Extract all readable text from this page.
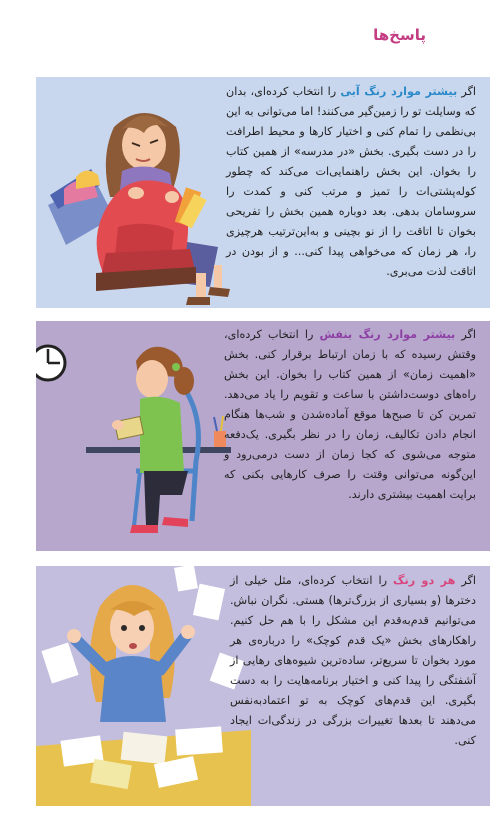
پاسخ‌ها
اگر بیشتر موارد رنگ آبی را انتخاب کرده‌ای، بدان که وسایلت تو را زمین‌گیر می‌کنند! اما می‌توانی به این بی‌نظمی را تمام کنی و اختیار کارها و محیط اطرافت را در دست بگیری. بخش «در مدرسه» از همین کتاب را بخوان. این بخش راهنمایی‌ات می‌کند که چطور کوله‌پشتی‌ات را تمیز و مرتب کنی و کمدت را سروسامان بدهی. بعد دوباره همین بخش را تفریحی بخوان تا اتاقت را از نو بچینی و به‌این‌ترتیب هرچیزی را، هر زمان که می‌خواهی پیدا کنی... و از بودن در اتاقت لذت می‌بری.
اگر بیشتر موارد رنگ بنفش را انتخاب کرده‌ای، وقتش رسیده که با زمان ارتباط برقرار کنی. بخش «اهمیت زمان» از همین کتاب را بخوان. این بخش راه‌های دوست‌داشتن با ساعت و تقویم را یاد می‌دهد. تمرین کن تا صبح‌ها موقع آماده‌شدن و شب‌ها هنگام انجام دادن تکالیف، زمان را در نظر بگیری. یک‌دفعه متوجه می‌شوی که کجا زمان از دست درمی‌رود و این‌گونه می‌توانی وقتت را صرف کارهایی بکنی که برایت اهمیت بیشتری دارند.
اگر هر دو رنگ را انتخاب کرده‌ای، مثل خیلی از دخترها (و بسیاری از بزرگ‌ترها) هستی. نگران نباش. می‌توانیم قدم‌به‌قدم این مشکل را با هم حل کنیم. راهکارهای بخش «یک قدم کوچک» را درباره‌ی هر مورد بخوان تا سریع‌تر، ساده‌ترین شیوه‌های رهایی از آشفتگی را پیدا کنی و اختیار برنامه‌هایت را به دست بگیری. این قدم‌های کوچک به تو اعتمادبه‌نفس می‌دهند تا بعدها تغییرات بزرگی در زندگی‌ات ایجاد کنی.
